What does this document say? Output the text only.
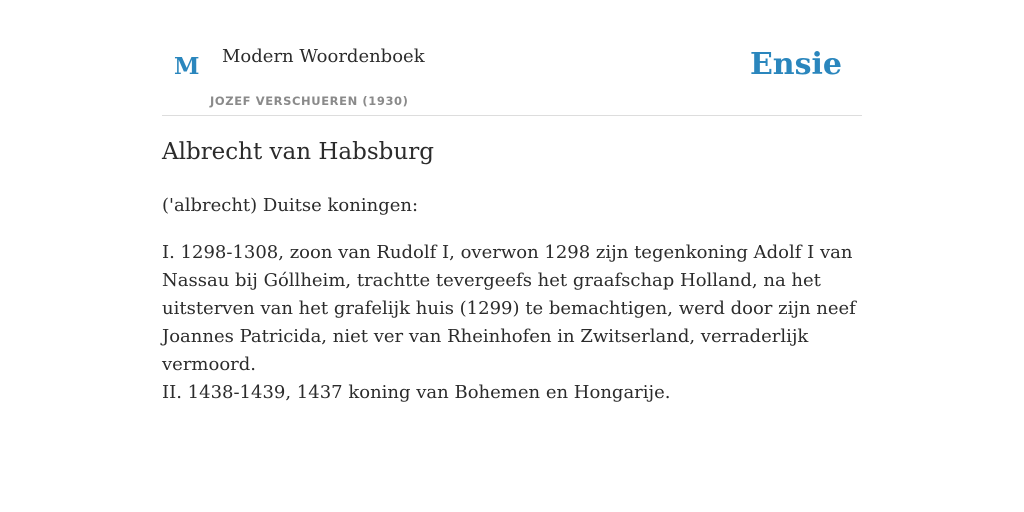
M Modern Woordenboek
JOZEF VERSCHUEREN (1930)
Ensie
Albrecht van Habsburg

('albrecht) Duitse koningen:

I. 1298-1308, zoon van Rudolf I, overwon 1298 zijn tegenkoning Adolf I van Nassau bij Góllheim, trachtte tevergeefs het graafschap Holland, na het uitsterven van het grafelijk huis (1299) te bemachtigen, werd door zijn neef Joannes Patricida, niet ver van Rheinhofen in Zwitserland, verraderlijk vermoord.

II. 1438-1439, 1437 koning van Bohemen en Hongarije.
